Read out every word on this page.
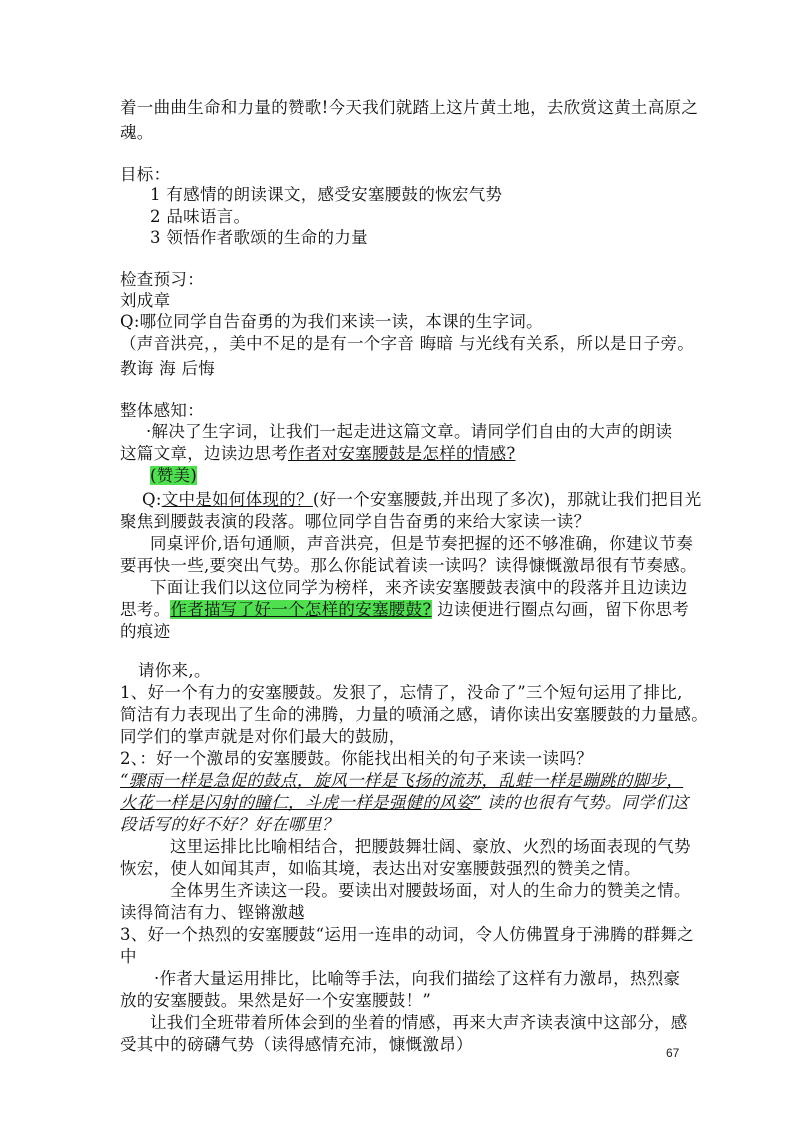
着一曲曲生命和力量的赞歌!今天我们就踏上这片黄土地，去欣赏这黄土高原之
魂。
目标：
1 有感情的朗读课文，感受安塞腰鼓的恢宏气势
2 品味语言。
3 领悟作者歌颂的生命的力量
检查预习：
刘成章
Q:哪位同学自告奋勇的为我们来读一读，本课的生字词。
（声音洪亮，，美中不足的是有一个字音 晦暗 与光线有关系，所以是日子旁。
教诲 海 后悔
整体感知：
·解决了生字词，让我们一起走进这篇文章。请同学们自由的大声的朗读
这篇文章，边读边思考作者对安塞腰鼓是怎样的情感?
(赞美)
Q:文中是如何体现的？(好一个安塞腰鼓,并出现了多次)，那就让我们把目光
聚焦到腰鼓表演的段落。哪位同学自告奋勇的来给大家读一读？
同桌评价,语句通顺，声音洪亮，但是节奏把握的还不够准确，你建议节奏
要再快一些,要突出气势。那么你能试着读一读吗？读得慷慨激昂很有节奏感。
下面让我们以这位同学为榜样，来齐读安塞腰鼓表演中的段落并且边读边
思考。作者描写了好一个怎样的安塞腰鼓? 边读便进行圈点勾画，留下你思考
的痕迹
请你来,。
1、好一个有力的安塞腰鼓。发狠了，忘情了，没命了”三个短句运用了排比,
简洁有力表现出了生命的沸腾，力量的喷涌之感，请你读出安塞腰鼓的力量感。
同学们的掌声就是对你们最大的鼓励，
2、：好一个激昂的安塞腰鼓。你能找出相关的句子来读一读吗？
“骤雨一样是急促的鼓点，旋风一样是飞扬的流苏，乱蛙一样是蹦跳的脚步，
火花一样是闪射的瞳仁，斗虎一样是强健的风姿” 读的也很有气势。同学们这
段话写的好不好？好在哪里？
这里运排比比喻相结合，把腰鼓舞壮阔、豪放、火烈的场面表现的气势
恢宏，使人如闻其声，如临其境，表达出对安塞腰鼓强烈的赞美之情。
全体男生齐读这一段。要读出对腰鼓场面，对人的生命力的赞美之情。
读得简洁有力、铿锵激越
3、好一个热烈的安塞腰鼓“运用一连串的动词，令人仿佛置身于沸腾的群舞之
中
·作者大量运用排比，比喻等手法，向我们描绘了这样有力激昂，热烈豪
放的安塞腰鼓。果然是好一个安塞腰鼓！”
让我们全班带着所体会到的坐着的情感，再来大声齐读表演中这部分，感
受其中的磅礴气势（读得感情充沛，慷慨激昂）	67
